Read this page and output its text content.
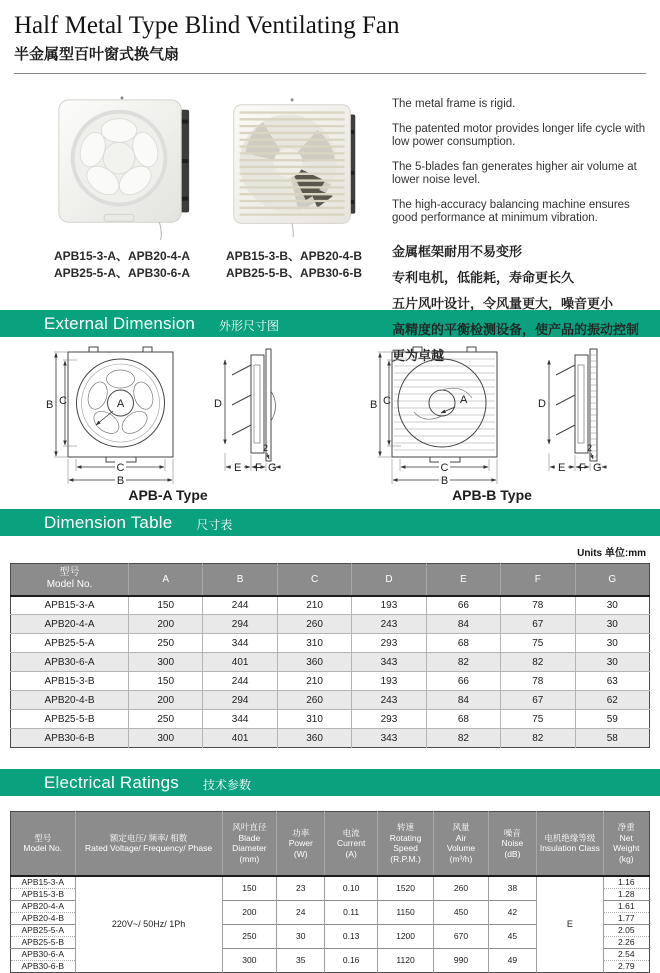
Half Metal Type Blind Ventilating Fan
半金属型百叶窗式换气扇
APB15-3-A、APB20-4-A
APB25-5-A、APB30-6-A
APB15-3-B、APB20-4-B
APB25-5-B、APB30-6-B

The metal frame is rigid.

The patented motor provides longer life cycle with low power consumption.

The 5-blades fan generates higher air volume at lower noise level.

The high-accuracy balancing machine ensures good performance at minimum vibration.

金属框架耐用不易变形
专利电机，低能耗，寿命更长久
五片风叶设计，令风量更大，噪音更小
高精度的平衡检测设备，使产品的振动控制更为卓越
External Dimension 外形尺寸图
B C	A
C
B
D
E F G
2
APB-A Type
B C	A
C
B
D
E F G
2
APB-B Type
Dimension Table 尺寸表
Units 单位:mm
型号
Model No.	A	B	C	D	E	F	G
APB15-3-A	150	244	210	193	66	78	30
APB20-4-A	200	294	260	243	84	67	30
APB25-5-A	250	344	310	293	68	75	30
APB30-6-A	300	401	360	343	82	82	30
APB15-3-B	150	244	210	193	66	78	63
APB20-4-B	200	294	260	243	84	67	62
APB25-5-B	250	344	310	293	68	75	59
APB30-6-B	300	401	360	343	82	82	58
Electrical Ratings 技术参数
型号
Model No.

额定电压/ 频率/ 相数
Rated Voltage/ Frequency/ Phase

风叶直径
Blade
Diameter
(mm)

功率
Power
(W)

电流
Current
(A)

转速
Rotating
Speed
(R.P.M.)

风量
Air
Volume
(m³/h)

噪音
Noise
(dB)

电机绝缘等级
Insulation Class

净重
Net
Weight
(kg)

APB15-3-A	220V~/ 50Hz/ 1Ph	150	23	0.10	1520	260	38	E	1.16
APB15-3-B									1.28
APB20-4-A		200	24	0.11	1150	450	42		1.61
APB20-4-B									1.77
APB25-5-A		250	30	0.13	1200	670	45		2.05
APB25-5-B									2.26
APB30-6-A		300	35	0.16	1120	990	49		2.54
APB30-6-B									2.79
